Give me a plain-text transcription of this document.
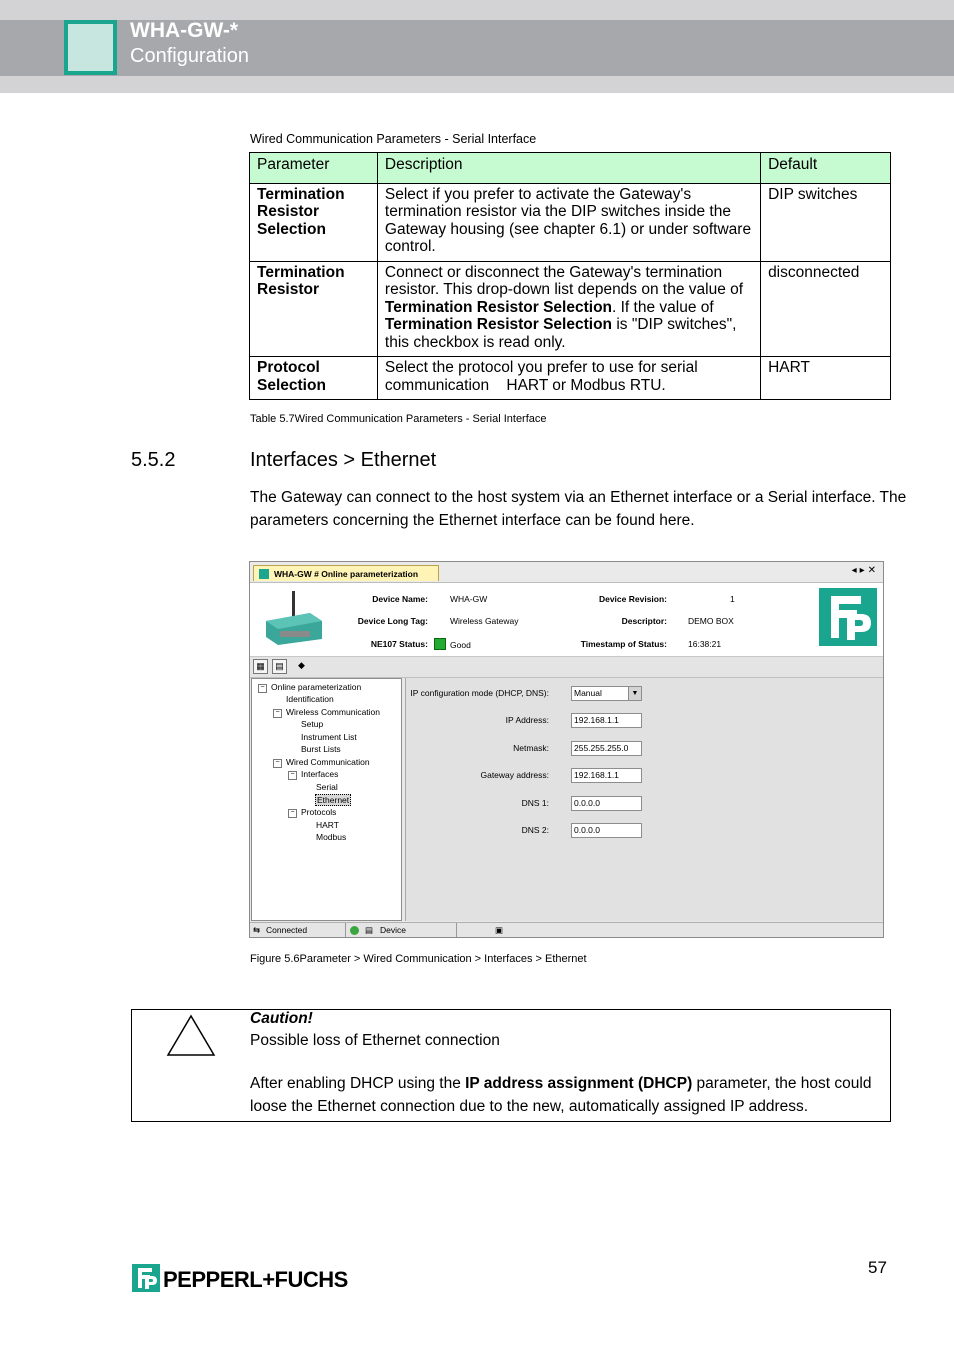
WHA-GW-*
Configuration
Wired Communication Parameters - Serial Interface
Parameter	Description	Default
Termination Resistor Selection	Select if you prefer to activate the Gateway's termination resistor via the DIP switches inside the Gateway housing (see chapter 6.1) or under software control.	DIP switches
Termination Resistor	Connect or disconnect the Gateway's termination resistor. This drop-down list depends on the value of Termination Resistor Selection. If the value of Termination Resistor Selection is "DIP switches", this checkbox is read only.	disconnected
Protocol Selection	Select the protocol you prefer to use for serial communication    HART or Modbus RTU.	HART
Table 5.7Wired Communication Parameters - Serial Interface
5.5.2	Interfaces > Ethernet
The Gateway can connect to the host system via an Ethernet interface or a Serial interface. The parameters concerning the Ethernet interface can be found here.
WHA-GW # Online parameterization	◂▸✕
Device Name:	WHA-GW
Device Long Tag:	Wireless Gateway
NE107 Status:	Good
Device Revision:	1
Descriptor: DEMO BOX
Timestamp of Status: 16:38:21
▦	▤	◆
− Online parameterization
Identification
− Wireless Communication
Setup
Instrument List
Burst Lists
− Wired Communication
− Interfaces
Serial
Ethernet
− Protocols
HART
Modbus
IP configuration mode (DHCP, DNS):	Manual	▼
IP Address:	192.168.1.1
Netmask:	255.255.255.0
Gateway address:	192.168.1.1
DNS 1:	0.0.0.0
DNS 2:	0.0.0.0
⇆ Connected	▤ Device	▣
Figure 5.6Parameter > Wired Communication > Interfaces > Ethernet
Caution!
Possible loss of Ethernet connection
After enabling DHCP using the IP address assignment (DHCP) parameter, the host could loose the Ethernet connection due to the new, automatically assigned IP address.
PEPPERL+FUCHS	57
